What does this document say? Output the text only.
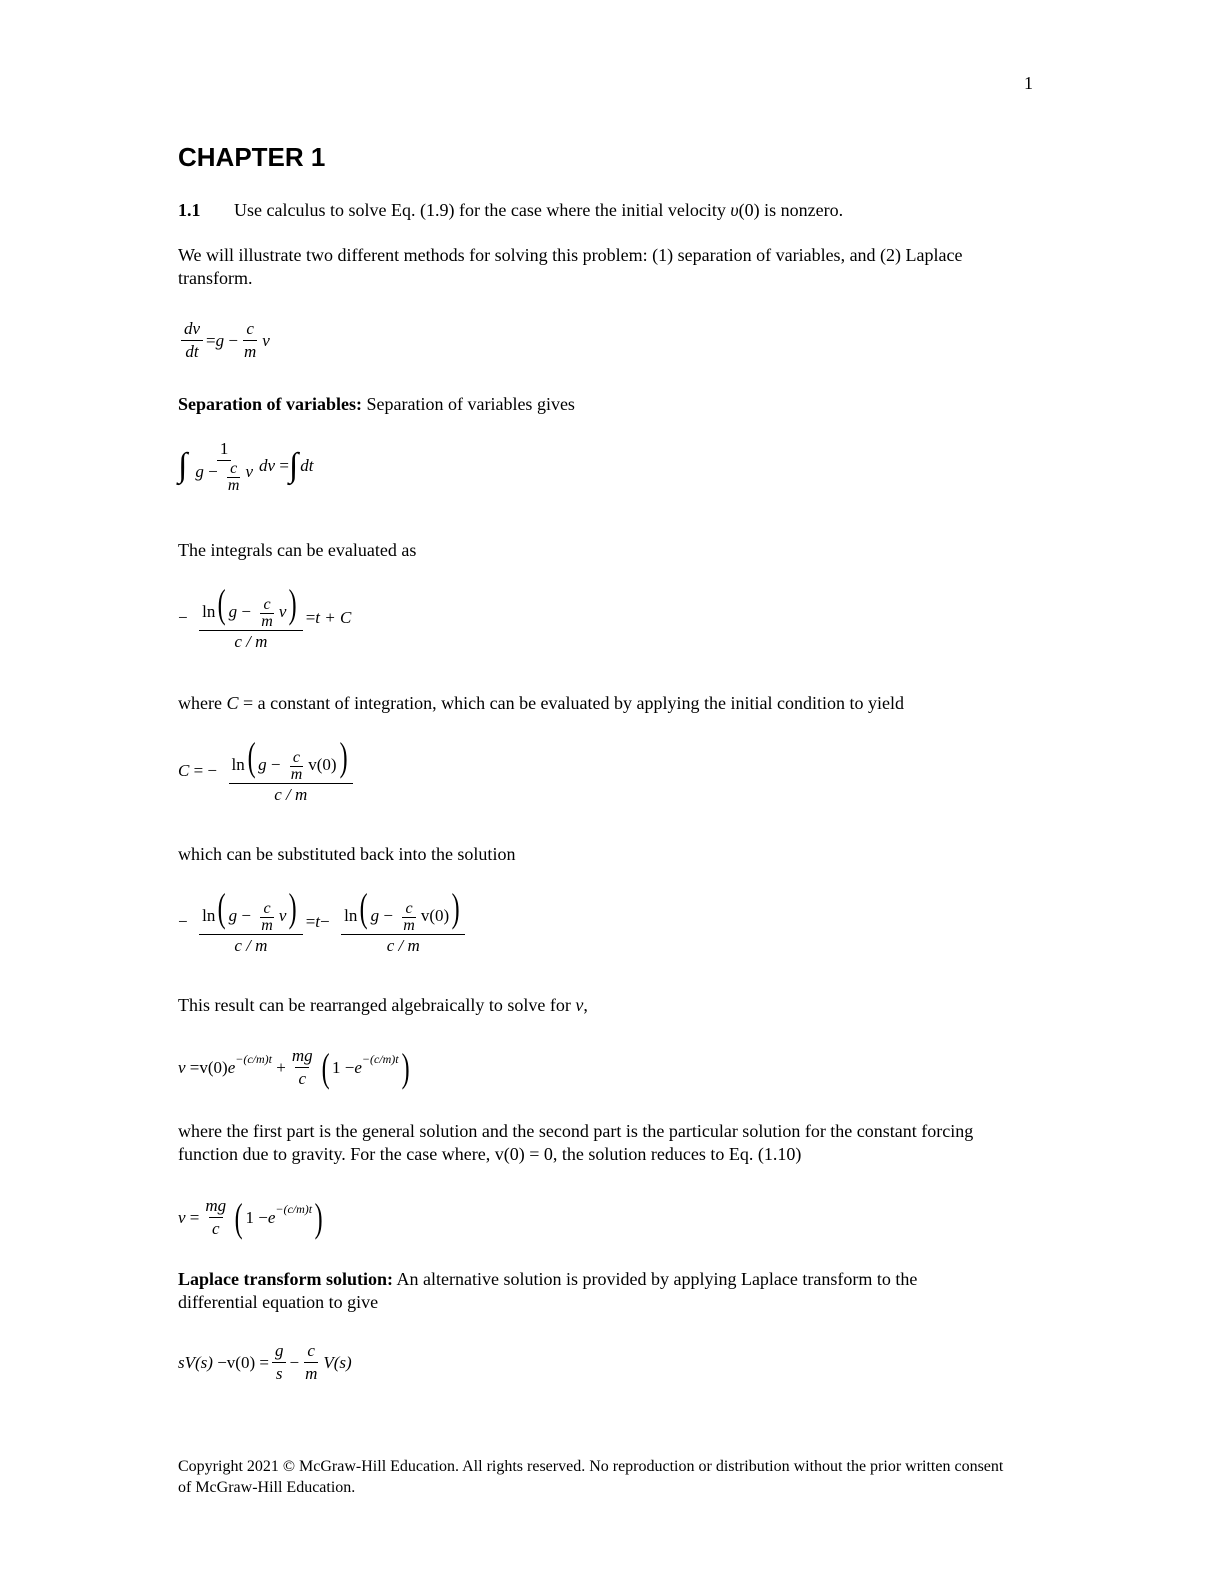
1
CHAPTER 1
1.1 Use calculus to solve Eq. (1.9) for the case where the initial velocity υ(0) is nonzero.
We will illustrate two different methods for solving this problem: (1) separation of variables, and (2) Laplace transform.
$\frac{dv}{dt} = g - \frac{c}{m}$ v
Separation of variables: Separation of variables gives
∫ $\frac{1}{g - \frac{c}{m} v}$ dv = ∫ dt
The integrals can be evaluated as
− $\frac{\ln( g - \frac{c}{m} v)}{c / m} = t + C$
where C = a constant of integration, which can be evaluated by applying the initial condition to yield
C = − $\frac{\ln( g - \frac{c}{m} v(0))}{c / m}$
which can be substituted back into the solution
− $\frac{\ln( g - \frac{c}{m} v)}{c / m} = t - \frac{\ln( g - \frac{c}{m} v(0))}{c / m}$
This result can be rearranged algebraically to solve for v,
v = v(0) $e^{-(c/m)t} + \frac{mg}{c}$ ( $1 - e^{-(c/m)t}$ )
where the first part is the general solution and the second part is the particular solution for the constant forcing function due to gravity. For the case where, v(0) = 0, the solution reduces to Eq. (1.10)
$v = \frac{mg}{c}$ ( $1 - e^{-(c/m)t}$ )
Laplace transform solution: An alternative solution is provided by applying Laplace transform to the differential equation to give
$sV(s) - v(0) = \frac{g}{s} - \frac{c}{m} V(s)$
Copyright 2021 © McGraw-Hill Education. All rights reserved. No reproduction or distribution without the prior written consent of McGraw-Hill Education.
